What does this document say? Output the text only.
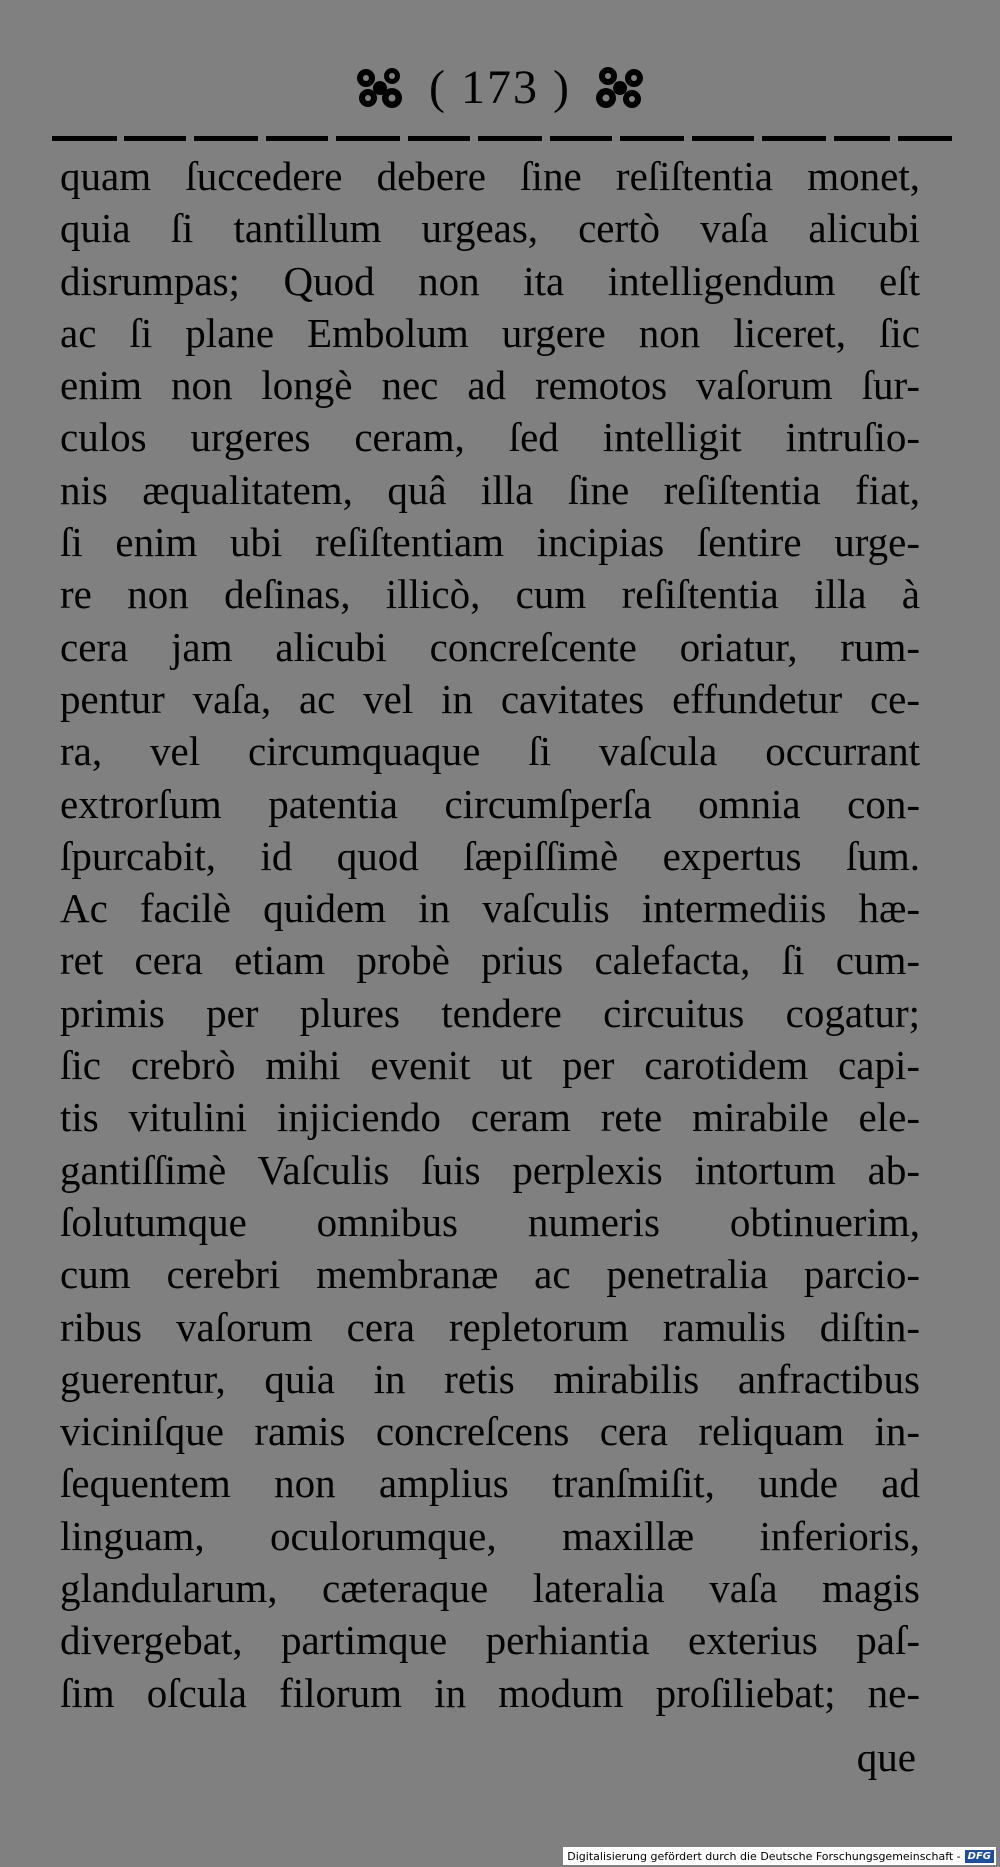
( 173 )
quam ſuccedere debere ſine reſiſtentia monet,
quia ſi tantillum urgeas, certò vaſa alicubi
disrumpas; Quod non ita intelligendum eſt
ac ſi plane Embolum urgere non liceret, ſic
enim non longè nec ad remotos vaſorum ſur-
culos urgeres ceram, ſed intelligit intruſio-
nis æqualitatem, quâ illa ſine reſiſtentia fiat,
ſi enim ubi reſiſtentiam incipias ſentire urge-
re non deſinas, illicò, cum reſiſtentia illa à
cera jam alicubi concreſcente oriatur, rum-
pentur vaſa, ac vel in cavitates effundetur ce-
ra, vel circumquaque ſi vaſcula occurrant
extrorſum patentia circumſperſa omnia con-
ſpurcabit, id quod ſæpiſſimè expertus ſum.
Ac facilè quidem in vaſculis intermediis hæ-
ret cera etiam probè prius calefacta, ſi cum-
primis per plures tendere circuitus cogatur;
ſic crebrò mihi evenit ut per carotidem capi-
tis vitulini injiciendo ceram rete mirabile ele-
gantiſſimè Vaſculis ſuis perplexis intortum ab-
ſolutumque omnibus numeris obtinuerim,
cum cerebri membranæ ac penetralia parcio-
ribus vaſorum cera repletorum ramulis diſtin-
guerentur, quia in retis mirabilis anfractibus
viciniſque ramis concreſcens cera reliquam in-
ſequentem non amplius tranſmiſit, unde ad
linguam, oculorumque, maxillæ inferioris,
glandularum, cæteraque lateralia vaſa magis
divergebat, partimque perhiantia exterius paſ-
ſim oſcula filorum in modum proſiliebat; ne-
que
Digitalisierung gefördert durch die Deutsche Forschungsgemeinschaft - DFG
